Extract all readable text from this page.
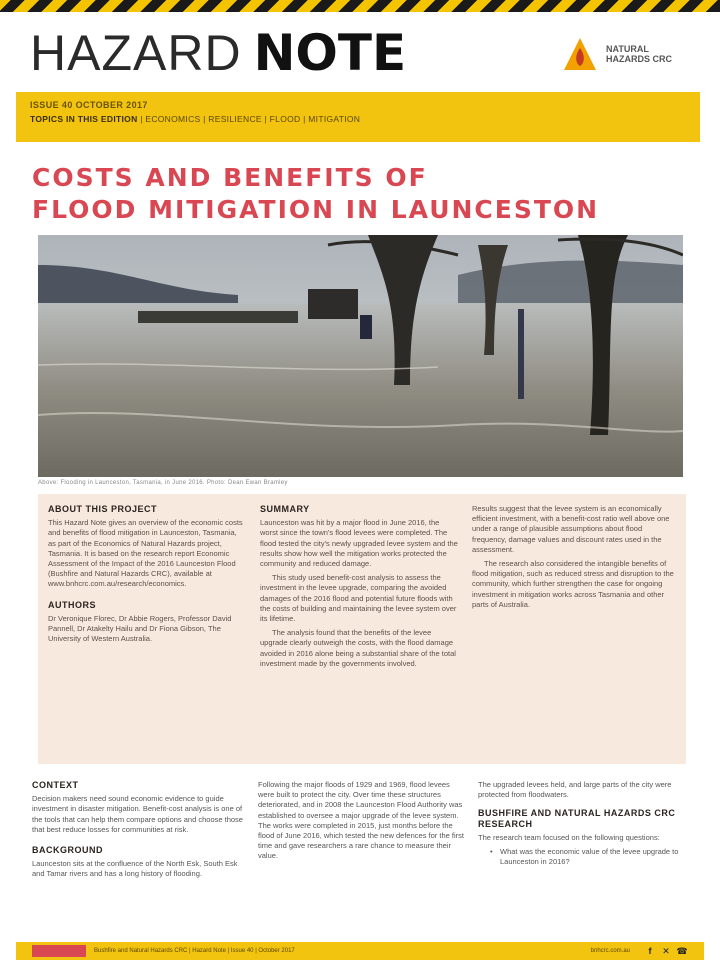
HAZARD NOTE	NATURAL HAZARDS CRC
ISSUE 40 OCTOBER 2017
TOPICS IN THIS EDITION | ECONOMICS | RESILIENCE | FLOOD | MITIGATION
COSTS AND BENEFITS OF
FLOOD MITIGATION IN LAUNCESTON
Above: Flooding in Launceston, Tasmania, in June 2016. Photo: Dean Ewan Bramley
ABOUT THIS PROJECT

This Hazard Note gives an overview of the economic costs and benefits of flood mitigation in Launceston, Tasmania, as part of the Economics of Natural Hazards project, Tasmania. It is based on the research report Economic Assessment of the Impact of the 2016 Launceston Flood (Bushfire and Natural Hazards CRC), available at www.bnhcrc.com.au/research/economics.

AUTHORS

Dr Veronique Florec, Dr Abbie Rogers, Professor David Pannell, Dr Atakelty Hailu and Dr Fiona Gibson, The University of Western Australia.

SUMMARY

Launceston was hit by a major flood in June 2016, the worst since the town's flood levees were completed. The flood tested the city's newly upgraded levee system and the results show how well the mitigation works protected the community and reduced damage.

This study used benefit-cost analysis to assess the investment in the levee upgrade, comparing the avoided damages of the 2016 flood and potential future floods with the costs of building and maintaining the levee system over its lifetime.

The analysis found that the benefits of the levee upgrade clearly outweigh the costs, with the flood damage avoided in 2016 alone being a substantial share of the total investment made by the governments involved.

Results suggest that the levee system is an economically efficient investment, with a benefit-cost ratio well above one under a range of plausible assumptions about flood frequency, damage values and discount rates used in the assessment.

The research also considered the intangible benefits of flood mitigation, such as reduced stress and disruption to the community, which further strengthen the case for ongoing investment in mitigation works across Tasmania and other parts of Australia.

CONTEXT

Decision makers need sound economic evidence to guide investment in disaster mitigation. Benefit-cost analysis is one of the tools that can help them compare options and choose those that best reduce losses for communities at risk.

BACKGROUND

Launceston sits at the confluence of the North Esk, South Esk and Tamar rivers and has a long history of flooding.

Following the major floods of 1929 and 1969, flood levees were built to protect the city. Over time these structures deteriorated, and in 2008 the Launceston Flood Authority was established to oversee a major upgrade of the levee system. The works were completed in 2015, just months before the flood of June 2016, which tested the new defences for the first time and gave researchers a rare chance to measure their value.

The upgraded levees held, and large parts of the city were protected from floodwaters.

BUSHFIRE AND NATURAL HAZARDS CRC RESEARCH

The research team focused on the following questions:

• What was the economic value of the levee upgrade to Launceston in 2016?

Bushfire and Natural Hazards CRC | Hazard Note | Issue 40 | October 2017	bnhcrc.com.au	f	✕ ☎
